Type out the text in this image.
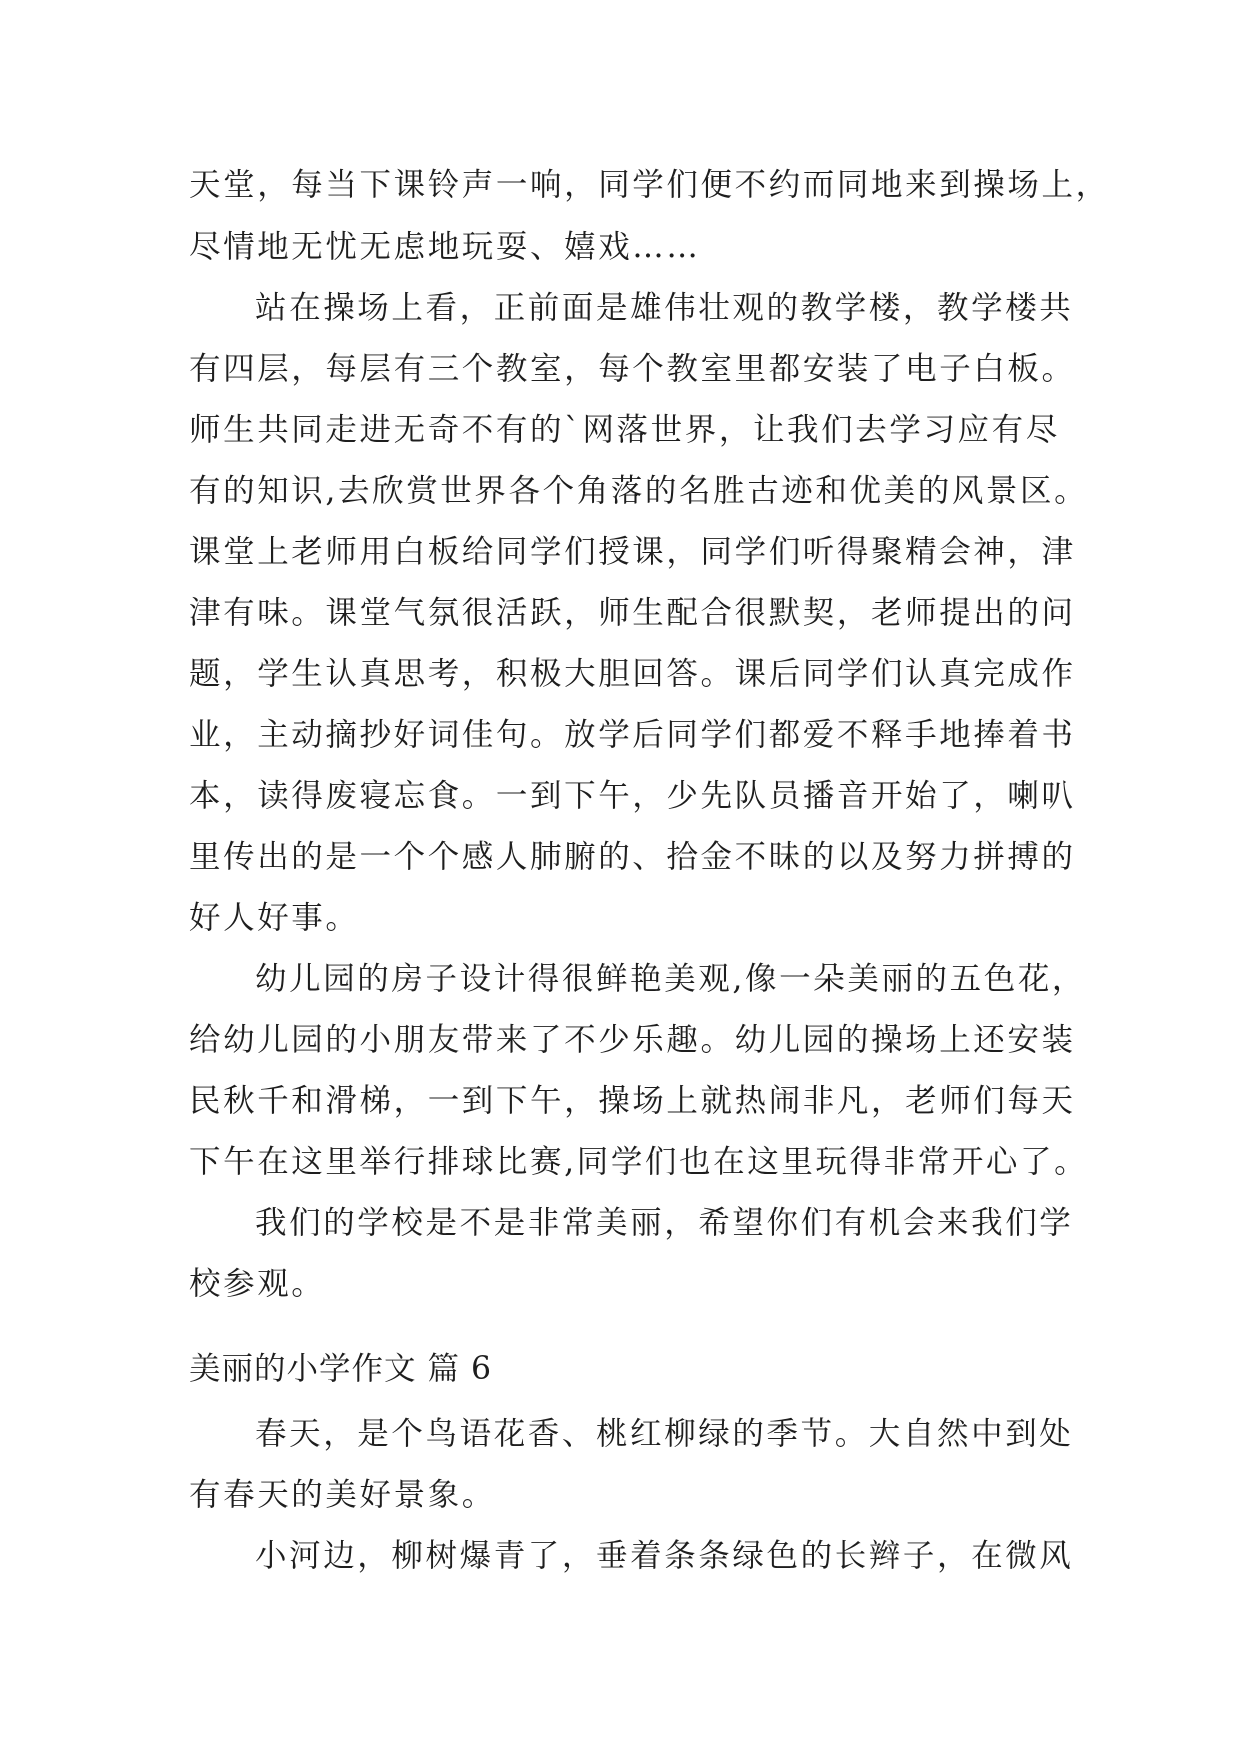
天堂，每当下课铃声一响，同学们便不约而同地来到操场上，

尽情地无忧无虑地玩耍、嬉戏……

站在操场上看，正前面是雄伟壮观的教学楼，教学楼共

有四层，每层有三个教室，每个教室里都安装了电子白板。

师生共同走进无奇不有的`网落世界，让我们去学习应有尽

有的知识,去欣赏世界各个角落的名胜古迹和优美的风景区。

课堂上老师用白板给同学们授课，同学们听得聚精会神，津

津有味。课堂气氛很活跃，师生配合很默契，老师提出的问

题，学生认真思考，积极大胆回答。课后同学们认真完成作

业，主动摘抄好词佳句。放学后同学们都爱不释手地捧着书

本，读得废寝忘食。一到下午，少先队员播音开始了，喇叭

里传出的是一个个感人肺腑的、拾金不昧的以及努力拼搏的

好人好事。

幼儿园的房子设计得很鲜艳美观,像一朵美丽的五色花，

给幼儿园的小朋友带来了不少乐趣。幼儿园的操场上还安装

民秋千和滑梯，一到下午，操场上就热闹非凡，老师们每天

下午在这里举行排球比赛,同学们也在这里玩得非常开心了。

我们的学校是不是非常美丽，希望你们有机会来我们学

校参观。

美丽的小学作文 篇 6

春天，是个鸟语花香、桃红柳绿的季节。大自然中到处

有春天的美好景象。

小河边，柳树爆青了，垂着条条绿色的长辫子，在微风
